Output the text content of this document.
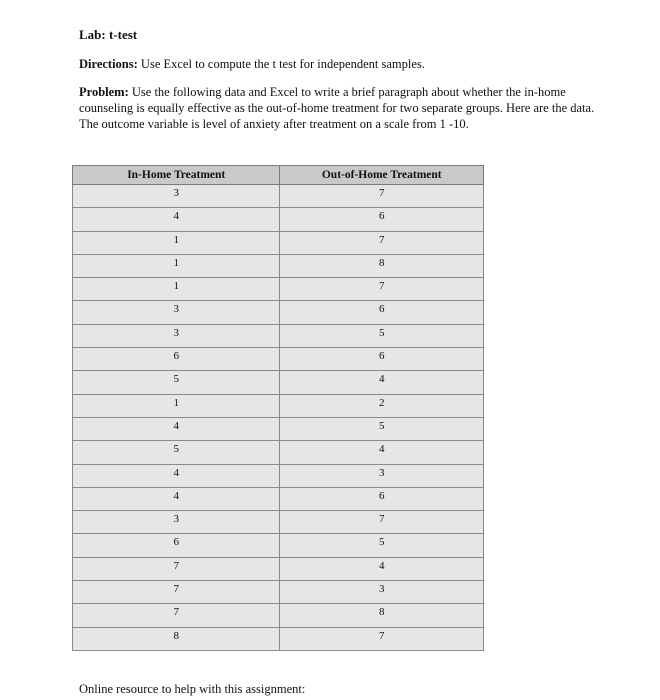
Lab: t-test
Directions: Use Excel to compute the t test for independent samples.
Problem: Use the following data and Excel to write a brief paragraph about whether the in-home counseling is equally effective as the out-of-home treatment for two separate groups. Here are the data. The outcome variable is level of anxiety after treatment on a scale from 1 -10.
In-Home Treatment	Out-of-Home Treatment
3	7
4	6
1	7
1	8
1	7
3	6
3	5
6	6
5	4
1	2
4	5
5	4
4	3
4	6
3	7
6	5
7	4
7	3
7	8
8	7
Online resource to help with this assignment:
